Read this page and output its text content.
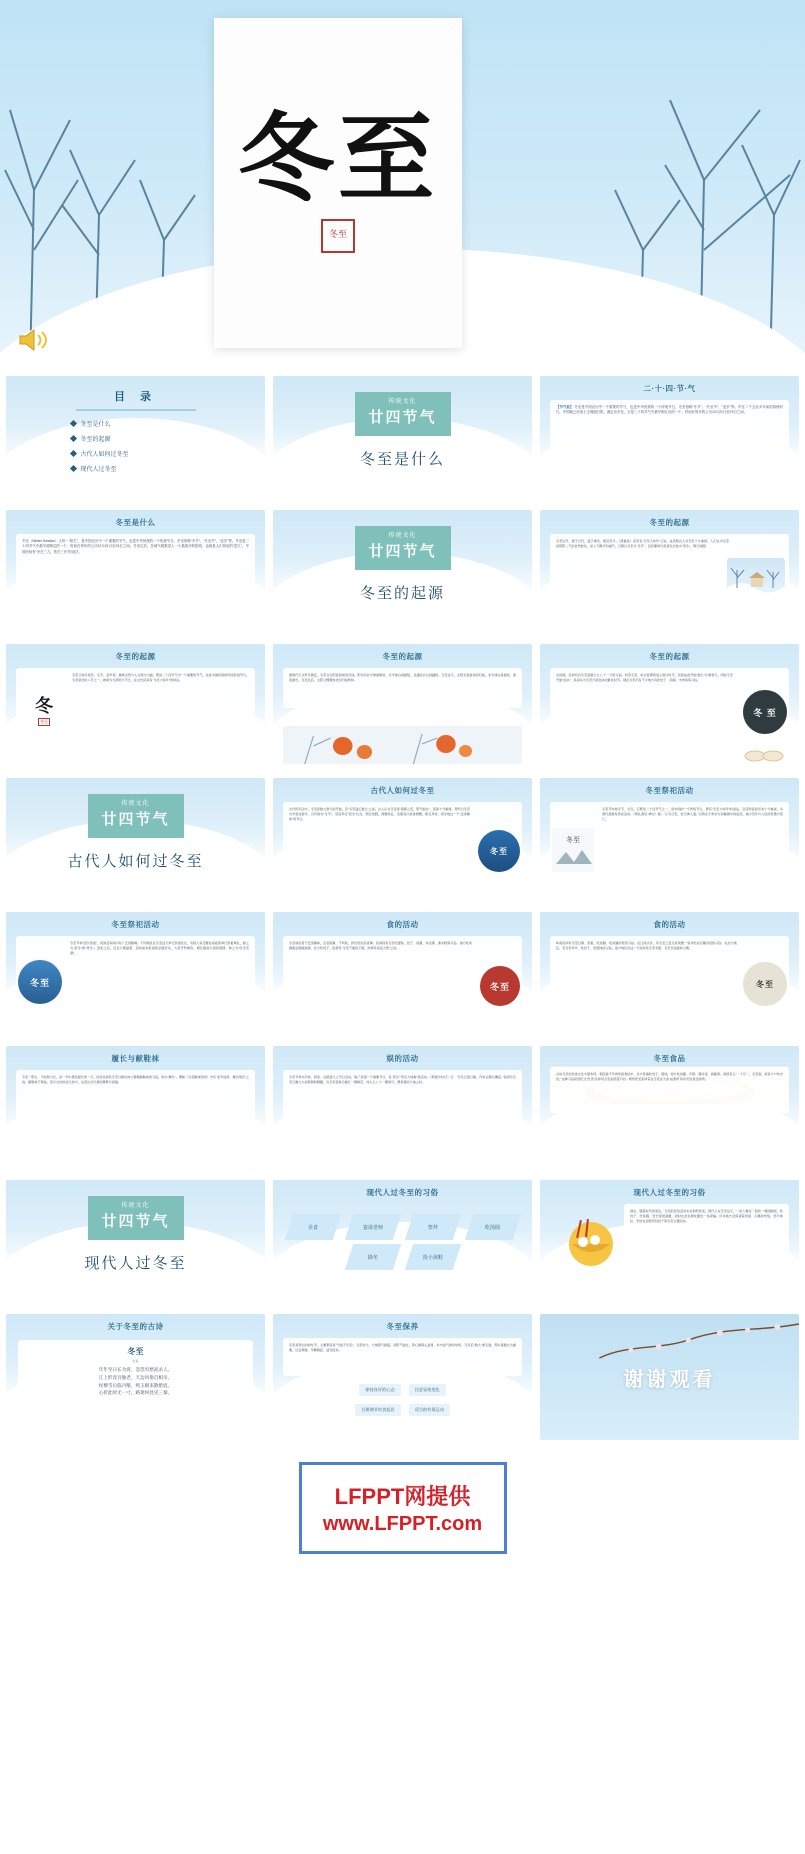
冬至
冬至
目 录
冬至是什么
冬至的起源
古代人如何过冬至
现代人过冬至
传统文化
廿四节气
冬至是什么
二·十·四·节·气
【节气说】 冬至是中国农历中一个重要的节气，也是中华民族的一个传统节日，冬至俗称“冬节”、“长至节”、“亚岁”等。早在二千五百多年前的春秋时代，中国就已经用土圭观测日影，测定出冬至，它是二十四节气中最早制订出的一个，时间在每年的公历12月21日至23日之间。
冬至是什么
冬至（Winter Solstice）又叫“一阳生”，是中国农历中一个重要的节气，也是中华民族的一个传统节日。冬至俗称“冬节”、“长至节”、“亚岁”等。冬至是二十四节气中最早被制定的一个，时间在每年的公历12月21日至23日之间。冬至过后，各地气候都进入一个最寒冷的阶段，也就是人们常说的“进九”，中国民间有“冷在三九，热在三伏”的说法。
传统文化
廿四节气
冬至的起源
冬至的起源
冬至过节，源于汉代，盛于唐宋，相沿至今。《清嘉录》甚至有“冬至大如年”之说。这表明古人对冬至十分重视。人们认为冬至是阴阳二气的自然转化，是上天赐予的福气。汉朝以冬至为“冬节”，官府要举行祝贺仪式称为“贺冬”，例行放假。
冬至的起源
冬至又称日南至、冬节、亚岁等，兼具自然与人文两大内涵，既是二十四节气中一个重要的节气，也是中国民间的传统祭祖节日。冬至是四时八节之一，被视为冬季的大节日，在古代民间有“冬至大如年”的讲法。
冬
冬至
冬至的起源
据现代天文科学测定，冬至日太阳直射南回归线，阳光对北半球最倾斜，北半球白昼最短，且越往北白昼越短。冬至这天，太阳光直射南回归线，北半球白昼最短，黑夜最长。冬至过后，太阳又慢慢向北回归线转移。
冬至的起源
古时候，民间有自冬至起数九九八十一天的习俗。时至冬至，标志着即将进入寒冷时节，民间由此开始“数九”计算寒天。同时冬至开始“进补”，民间认为冬至日是进补的最佳时节。现在冬至仍有不少地方有吃饺子、汤圆、羊肉汤等习俗。
冬 至
传统文化
廿四节气
古代人如何过冬至
古代人如何过冬至
古代纪年法中，冬至是数九寒天的开始，有“冬至逢壬数九”之说。古人认为冬至是“阴极之至，阳气始生”，因而十分重视。周代以冬至为岁首过新年，汉代称为“冬节”，官府举行“贺冬”仪式，例行放假，商旅停业，亲朋各以美食相赠，相互拜访，欢乐地过一个“安身静体”的节日。
冬至
冬至祭祀活动
冬至节亦称冬节、交冬。它既是二十四节气之一，是中国的一个传统节日，曾有“冬至大如年”的说法，宫廷和民间历来十分重视，从周代起就有祭祀活动。《周礼春官·神仕》载：“以冬日至，致天神人鬼。”目的在于祈求与消除国中的疫疾，减少荒年与人民的饥饿与死亡。
冬至
冬至祭祀活动
冬至节举行的“祭祖”，民族及家庭中有广泛的影响。不同地区在冬至这天举行祭祖仪式，有的人家还要在家庙里举行祭祖典礼，称之为“祭冬”或“拜冬”。祭祀之后，还会大摆宴席，招待前来祭祖的亲朋好友，大家开怀畅饮，相互联络久别的感情，称之为“吃冬至酒”。
冬至
食的活动
冬至前后君子安身静体，百官绝事，不听政，择吉辰而后省事。民间则有冬至吃馄饨、饺子、汤圆、赤豆粥、黍米糕等习俗。南方吃汤圆寓意团圆美满，北方吃饺子，俗语有“冬至不端饺子碗，冻掉耳朵没人管”之说。
冬至
食的活动
岭南民间有冬至扫墓、祭祖、吃烧腊、吃汤圆的传统习俗。在江南水乡，有冬至之夜全家欢聚一堂共吃赤豆糯米饭的习俗。在北方地区，有冬至宰羊、吃饺子、吃馄饨的习俗，南方地区在这一天则有吃冬至米团、冬至长线面的习惯。
冬至
履长与献鞋袜
冬至一阳生，天时转日长，是一年中黑夜最长的一天。旧时民间有冬至日媳妇向公婆敬献鞋袜的习俗，称为“履长”。曹植《冬至献袜颂表》中有“亚岁迎祥，履长纳庆”之说。献鞋袜于舅姑，表示女性的女红技巧，也表达对长辈的尊敬与祝福。
娱的活动
冬至节举办学校、居家、社团盛大之节日活动，除了祭祖一个重要节日，有“贺冬”“贺冬大地梅”等活动。《荆楚岁时记》云：“冬至日量日影，作赤豆粥以禳疫。”民间有冬至日画九九消寒图的雅趣，自冬至起每日描红一瓣梅花，待九九八十一瓣染尽，便是春回大地之时。
冬至食品
古时冬至的饮食文化丰富多样，相沿数千年的传统食俗中，北方普遍吃饺子、馄饨，南方吃汤圆、年糕、糯米饭、麻糍等。谚语有云：“十月一，冬至到，家家户户吃水饺。”这种习俗是因纪念“医圣”张仲景冬至舍药留下的。相传医圣张仲景在冬至这天舍“祛寒娇耳汤”给百姓治冻伤。
传统文化
廿四节气
现代人过冬至
现代人过冬至的习俗
美食	宴请老师	祭拜	吃汤圆
降冬	捡小孩鞋
现代人过冬至的习俗
现在，随着时代的变化，冬至的民俗活动也在悄然改变。现代人在冬至这天，一家人聚在一起吃一顿团圆饭，吃饺子、吃汤圆，给长辈送温暖，同时也会在朋友圈发一条祝福。许多地方还保留着祭祖、扫墓的传统，部分单位、学校也会组织包饺子等冬至主题活动。
关于冬至的古诗
冬至
杜甫
年年至日长为客，忽忽穷愁泥杀人。
江上形容吾独老，天边风俗自相亲。
杖藜雪后临丹壑，鸣玉朝来散紫宸。
心折此时无一寸，路迷何处见三秦。
冬至保养
冬至是养生的好时节，主要原因是“气始于冬至”。冬至时分，大地阴气最盛，而阳气始生，养心肺保心益肾、补中益气的好时机。冬至后“数九”寒冬到，养生保健尤为重要，注意保暖、早睡晚起、适当进补。
保持良好的心态	注意昼夜变化
合理调节饮食起居	适当的有氧运动
谢谢观看
LFPPT网提供
www.LFPPT.com
